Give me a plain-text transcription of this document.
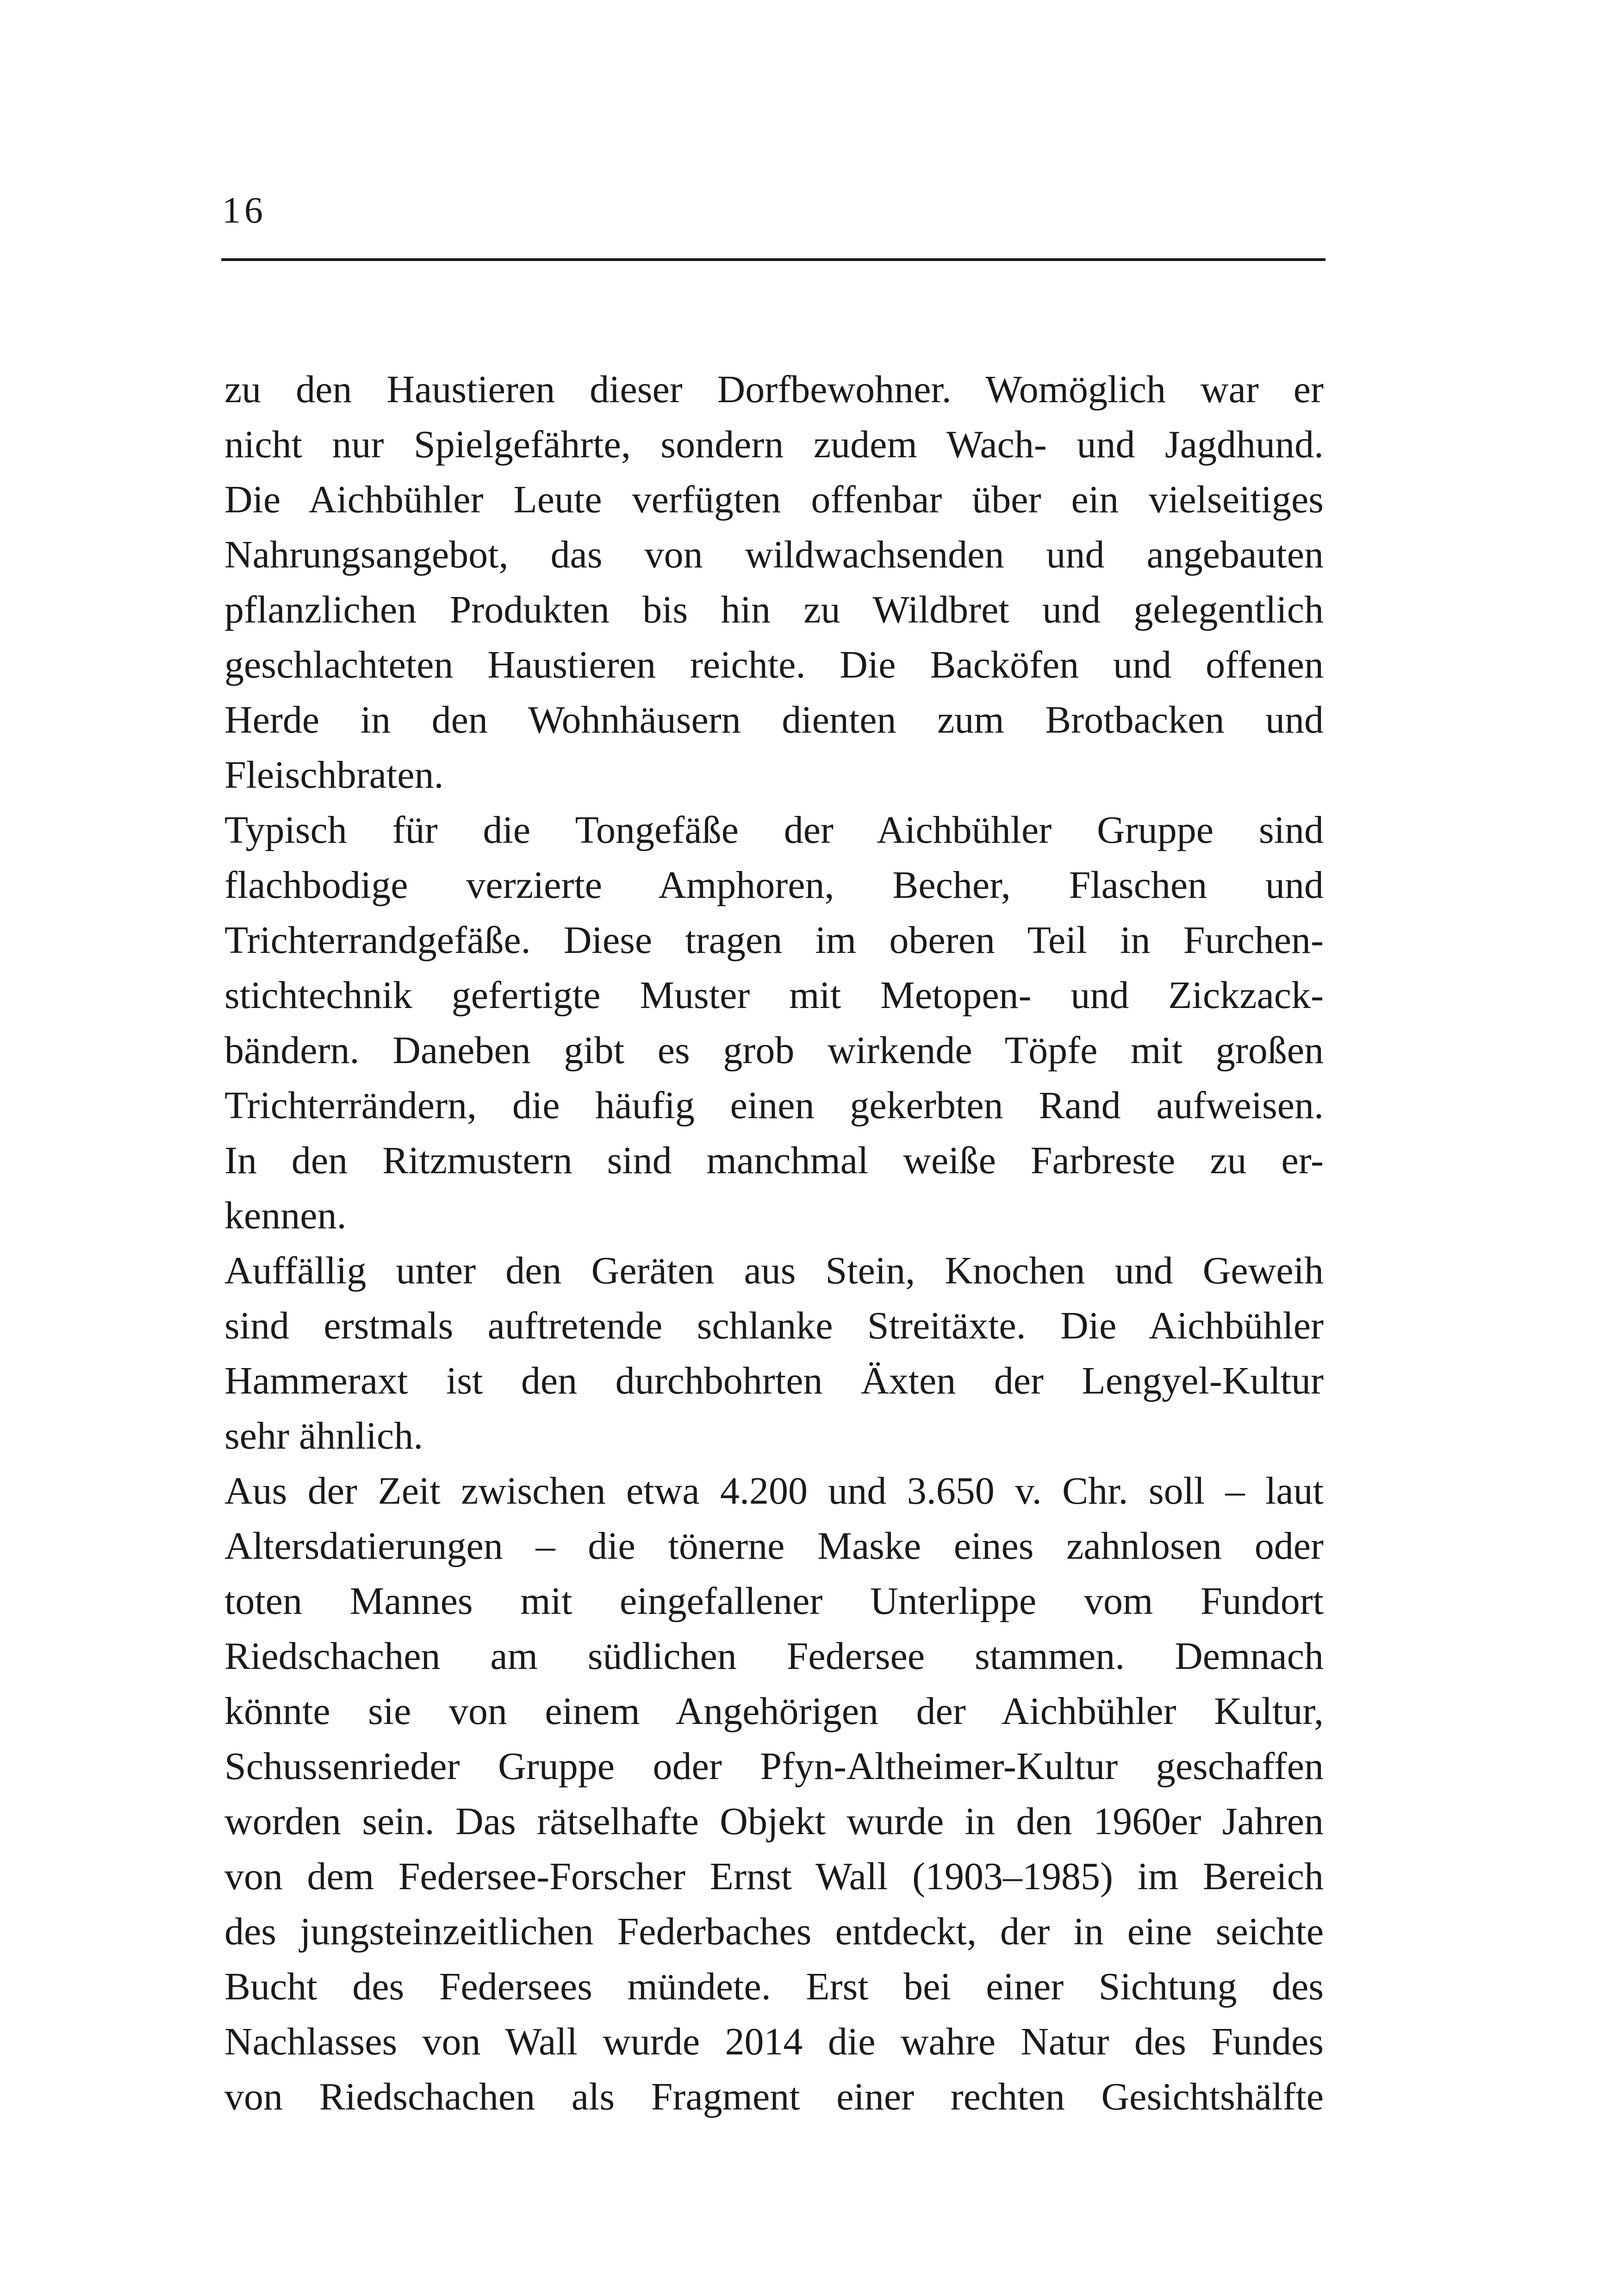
16
zu den Haustieren dieser Dorfbewohner. Womöglich war er
nicht nur Spielgefährte, sondern zudem Wach- und Jagdhund.
Die Aichbühler Leute verfügten offenbar über ein vielseitiges
Nahrungsangebot, das von wildwachsenden und angebauten
pflanzlichen Produkten bis hin zu Wildbret und gelegentlich
geschlachteten Haustieren reichte. Die Backöfen und offenen
Herde in den Wohnhäusern dienten zum Brotbacken und
Fleischbraten.
Typisch für die Tongefäße der Aichbühler Gruppe sind
flachbodige verzierte Amphoren, Becher, Flaschen und
Trichterrandgefäße. Diese tragen im oberen Teil in Furchen-
stichtechnik gefertigte Muster mit Metopen- und Zickzack-
bändern. Daneben gibt es grob wirkende Töpfe mit großen
Trichterrändern, die häufig einen gekerbten Rand aufweisen.
In den Ritzmustern sind manchmal weiße Farbreste zu er-
kennen.
Auffällig unter den Geräten aus Stein, Knochen und Geweih
sind erstmals auftretende schlanke Streitäxte. Die Aichbühler
Hammeraxt ist den durchbohrten Äxten der Lengyel-Kultur
sehr ähnlich.
Aus der Zeit zwischen etwa 4.200 und 3.650 v. Chr. soll – laut
Altersdatierungen – die tönerne Maske eines zahnlosen oder
toten Mannes mit eingefallener Unterlippe vom Fundort
Riedschachen am südlichen Federsee stammen. Demnach
könnte sie von einem Angehörigen der Aichbühler Kultur,
Schussenrieder Gruppe oder Pfyn-Altheimer-Kultur geschaffen
worden sein. Das rätselhafte Objekt wurde in den 1960er Jahren
von dem Federsee-Forscher Ernst Wall (1903–1985) im Bereich
des jungsteinzeitlichen Federbaches entdeckt, der in eine seichte
Bucht des Federsees mündete. Erst bei einer Sichtung des
Nachlasses von Wall wurde 2014 die wahre Natur des Fundes
von Riedschachen als Fragment einer rechten Gesichtshälfte
